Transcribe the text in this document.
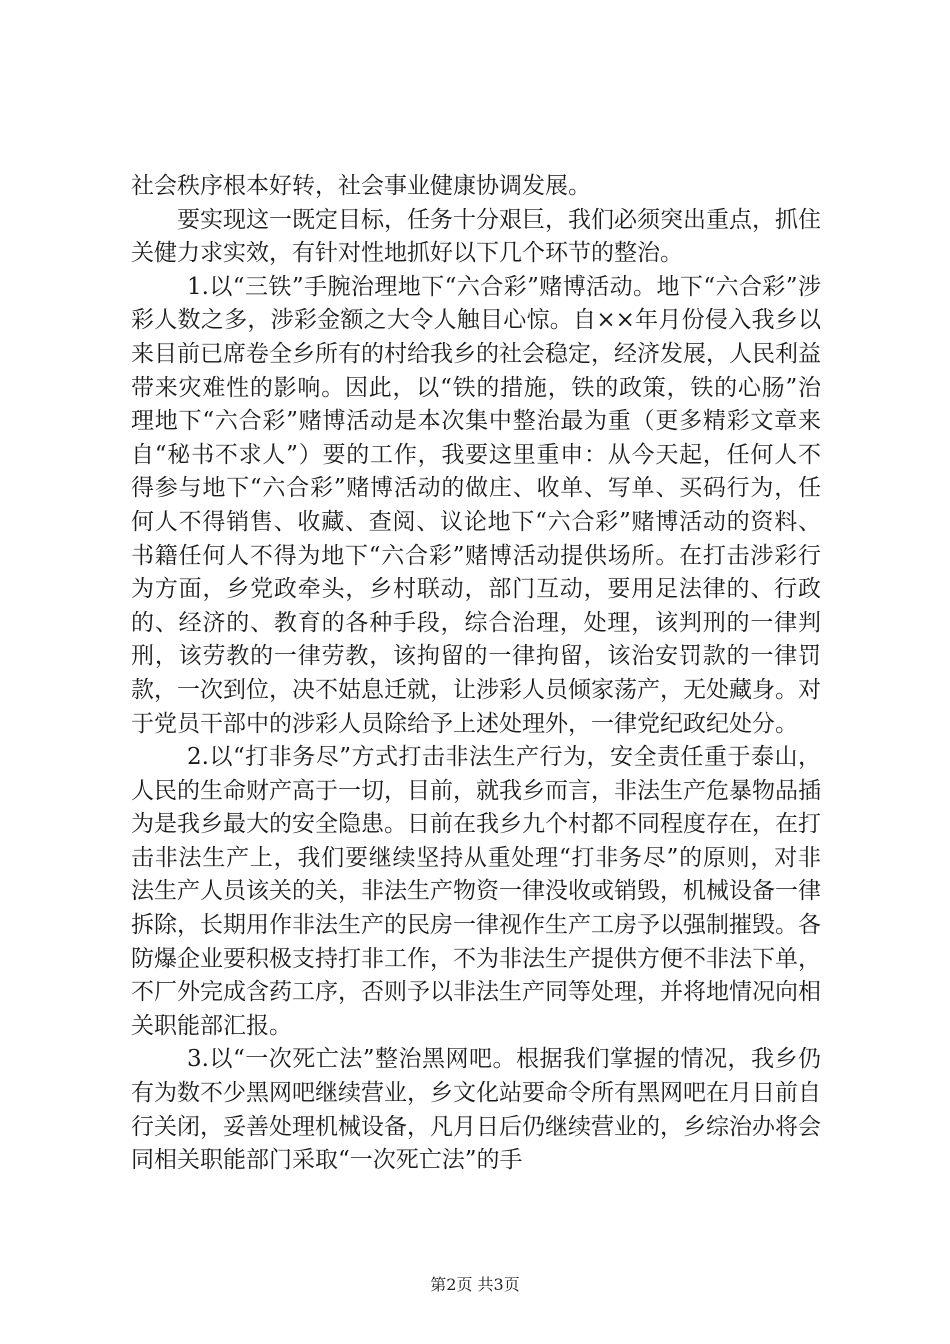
社会秩序根本好转，社会事业健康协调发展。

要实现这一既定目标，任务十分艰巨，我们必须突出重点，抓住关健力求实效，有针对性地抓好以下几个环节的整治。

1.以“三铁”手腕治理地下“六合彩”赌博活动。地下“六合彩”涉彩人数之多，涉彩金额之大令人触目心惊。自××年月份侵入我乡以来目前已席卷全乡所有的村给我乡的社会稳定，经济发展，人民利益带来灾难性的影响。因此，以“铁的措施，铁的政策，铁的心肠”治理地下“六合彩”赌博活动是本次集中整治最为重（更多精彩文章来自“秘书不求人”）要的工作，我要这里重申：从今天起，任何人不得参与地下“六合彩”赌博活动的做庄、收单、写单、买码行为，任何人不得销售、收藏、查阅、议论地下“六合彩”赌博活动的资料、书籍任何人不得为地下“六合彩”赌博活动提供场所。在打击涉彩行为方面，乡党政牵头，乡村联动，部门互动，要用足法律的、行政的、经济的、教育的各种手段，综合治理，处理，该判刑的一律判刑，该劳教的一律劳教，该拘留的一律拘留，该治安罚款的一律罚款，一次到位，决不姑息迁就，让涉彩人员倾家荡产，无处藏身。对于党员干部中的涉彩人员除给予上述处理外，一律党纪政纪处分。

2.以“打非务尽”方式打击非法生产行为，安全责任重于泰山，人民的生命财产高于一切，目前，就我乡而言，非法生产危暴物品插为是我乡最大的安全隐患。日前在我乡九个村都不同程度存在，在打击非法生产上，我们要继续坚持从重处理“打非务尽”的原则，对非法生产人员该关的关，非法生产物资一律没收或销毁，机械设备一律拆除，长期用作非法生产的民房一律视作生产工房予以强制摧毁。各防爆企业要积极支持打非工作，不为非法生产提供方便不非法下单，不厂外完成含药工序，否则予以非法生产同等处理，并将地情况向相关职能部汇报。

3.以“一次死亡法”整治黑网吧。根据我们掌握的情况，我乡仍有为数不少黑网吧继续营业，乡文化站要命令所有黑网吧在月日前自行关闭，妥善处理机械设备，凡月日后仍继续营业的，乡综治办将会同相关职能部门采取“一次死亡法”的手

第2页 共3页
